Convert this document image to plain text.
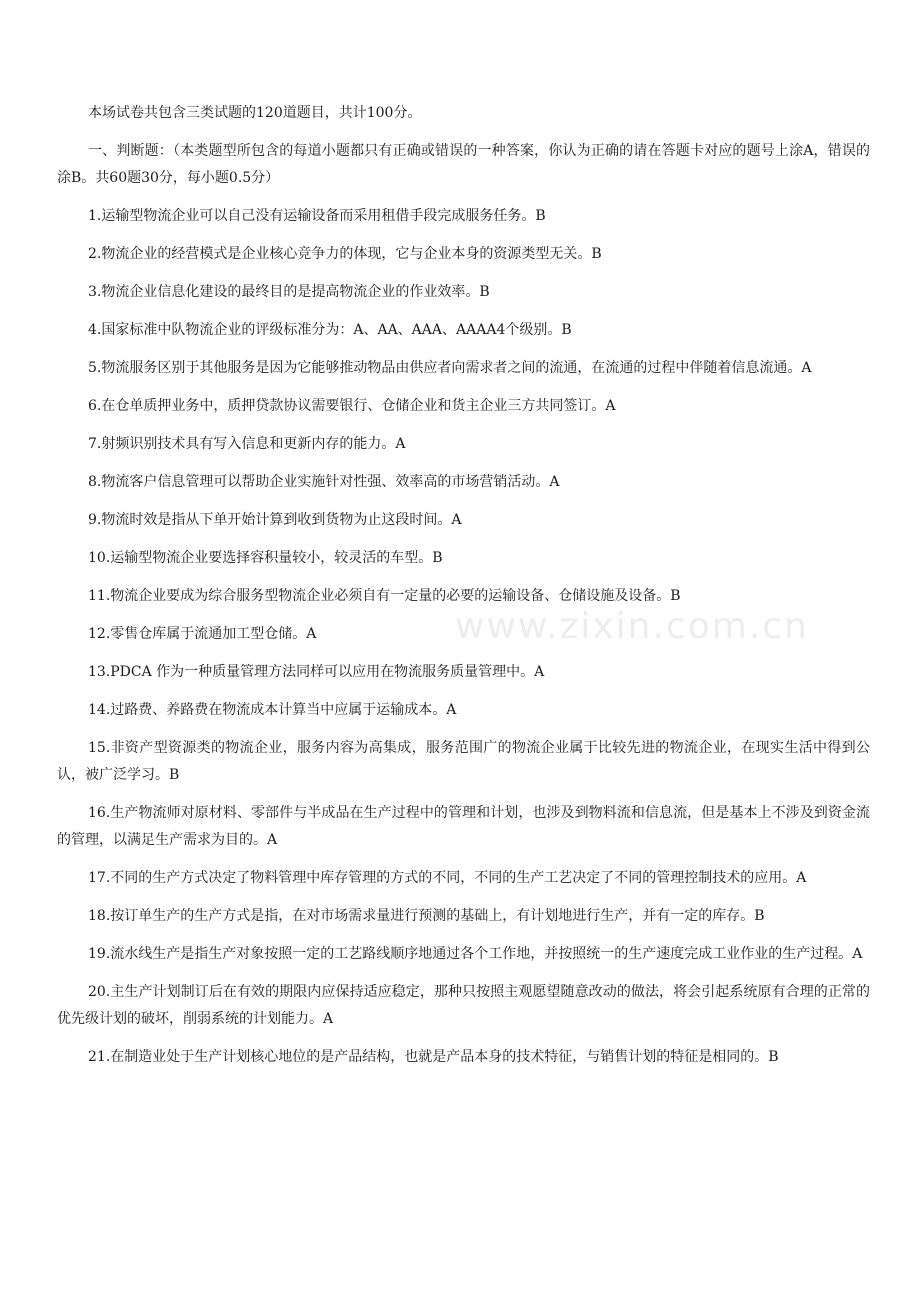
本场试卷共包含三类试题的120道题目，共计100分。

一、判断题：（本类题型所包含的每道小题都只有正确或错误的一种答案，你认为正确的请在答题卡对应的题号上涂A，错误的涂B。共60题30分，每小题0.5分）

1.运输型物流企业可以自己没有运输设备而采用租借手段完成服务任务。B

2.物流企业的经营模式是企业核心竞争力的体现，它与企业本身的资源类型无关。B

3.物流企业信息化建设的最终目的是提高物流企业的作业效率。B

4.国家标准中队物流企业的评级标准分为：A、AA、AAA、AAAA4个级别。B

5.物流服务区别于其他服务是因为它能够推动物品由供应者向需求者之间的流通，在流通的过程中伴随着信息流通。A

6.在仓单质押业务中，质押贷款协议需要银行、仓储企业和货主企业三方共同签订。A

7.射频识别技术具有写入信息和更新内存的能力。A

8.物流客户信息管理可以帮助企业实施针对性强、效率高的市场营销活动。A

9.物流时效是指从下单开始计算到收到货物为止这段时间。A

10.运输型物流企业要选择容积量较小，较灵活的车型。B

11.物流企业要成为综合服务型物流企业必须自有一定量的必要的运输设备、仓储设施及设备。B

12.零售仓库属于流通加工型仓储。A

13.PDCA 作为一种质量管理方法同样可以应用在物流服务质量管理中。A

14.过路费、养路费在物流成本计算当中应属于运输成本。A

15.非资产型资源类的物流企业，服务内容为高集成，服务范围广的物流企业属于比较先进的物流企业，在现实生活中得到公认，被广泛学习。B

16.生产物流师对原材料、零部件与半成品在生产过程中的管理和计划，也涉及到物料流和信息流，但是基本上不涉及到资金流的管理，以满足生产需求为目的。A

17.不同的生产方式决定了物料管理中库存管理的方式的不同，不同的生产工艺决定了不同的管理控制技术的应用。A

18.按订单生产的生产方式是指，在对市场需求量进行预测的基础上，有计划地进行生产，并有一定的库存。B

19.流水线生产是指生产对象按照一定的工艺路线顺序地通过各个工作地，并按照统一的生产速度完成工业作业的生产过程。A

20.主生产计划制订后在有效的期限内应保持适应稳定，那种只按照主观愿望随意改动的做法，将会引起系统原有合理的正常的优先级计划的破坏，削弱系统的计划能力。A

21.在制造业处于生产计划核心地位的是产品结构，也就是产品本身的技术特征，与销售计划的特征是相同的。B

www.zixin.com.cn
